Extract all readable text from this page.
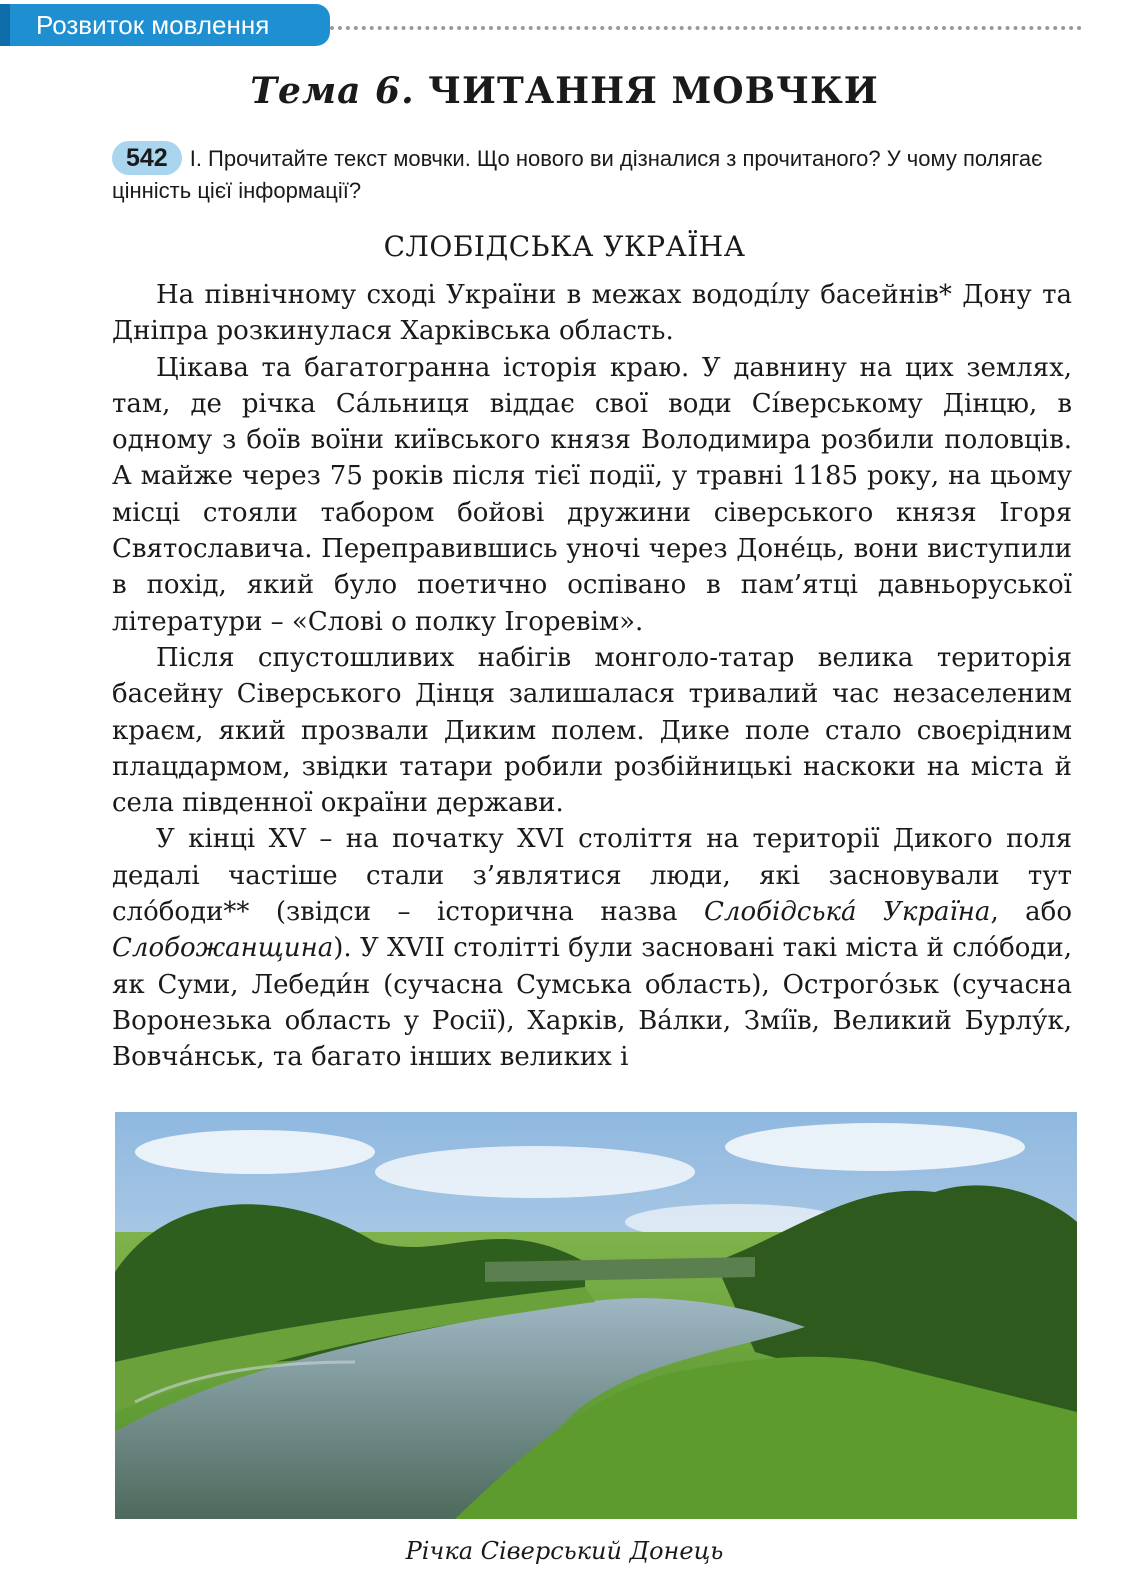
Розвиток мовлення
Тема 6. ЧИТАННЯ МОВЧКИ
542 І. Прочитайте текст мовчки. Що нового ви дізналися з прочитаного? У чому полягає цінність цієї інформації?
СЛОБІДСЬКА УКРАЇНА

На північному сході України в межах вододі́лу басейнів* Дону та Дніпра розкинулася Харківська область.

Цікава та багатогранна історія краю. У давнину на цих землях, там, де річка Са́льниця віддає свої води Сі́верському Дінцю, в одному з боїв воїни київського князя Володимира розбили половців. А майже через 75 років після тієї події, у травні 1185 року, на цьому місці стояли табором бойові дружини сіверського князя Ігоря Святославича. Переправившись уночі через Доне́ць, вони виступили в похід, який було поетично оспівано в пам’ятці давньоруської літератури – «Слові о полку Ігоревім».

Після спустошливих набігів монголо-татар велика територія басейну Сіверського Дінця залишалася тривалий час незаселеним краєм, який прозвали Диким полем. Дике поле стало своєрідним плацдармом, звідки татари робили розбійницькі наскоки на міста й села південної окраїни держави.

У кінці XV – на початку XVI століття на території Дикого поля дедалі частіше стали з’являтися люди, які засновували тут сло́боди** (звідси – історична назва Слобідська́ Україна, або Слобожанщина). У XVII столітті були засновані такі міста й сло́боди, як Суми, Лебеди́н (сучасна Сумська область), Острогóзьк (сучасна Воронезька область у Росії), Харків, Ва́лки, Змі́їв, Великий Бурлу́к, Вовча́нськ, та багато інших великих і

Річка Сіверський Донець
